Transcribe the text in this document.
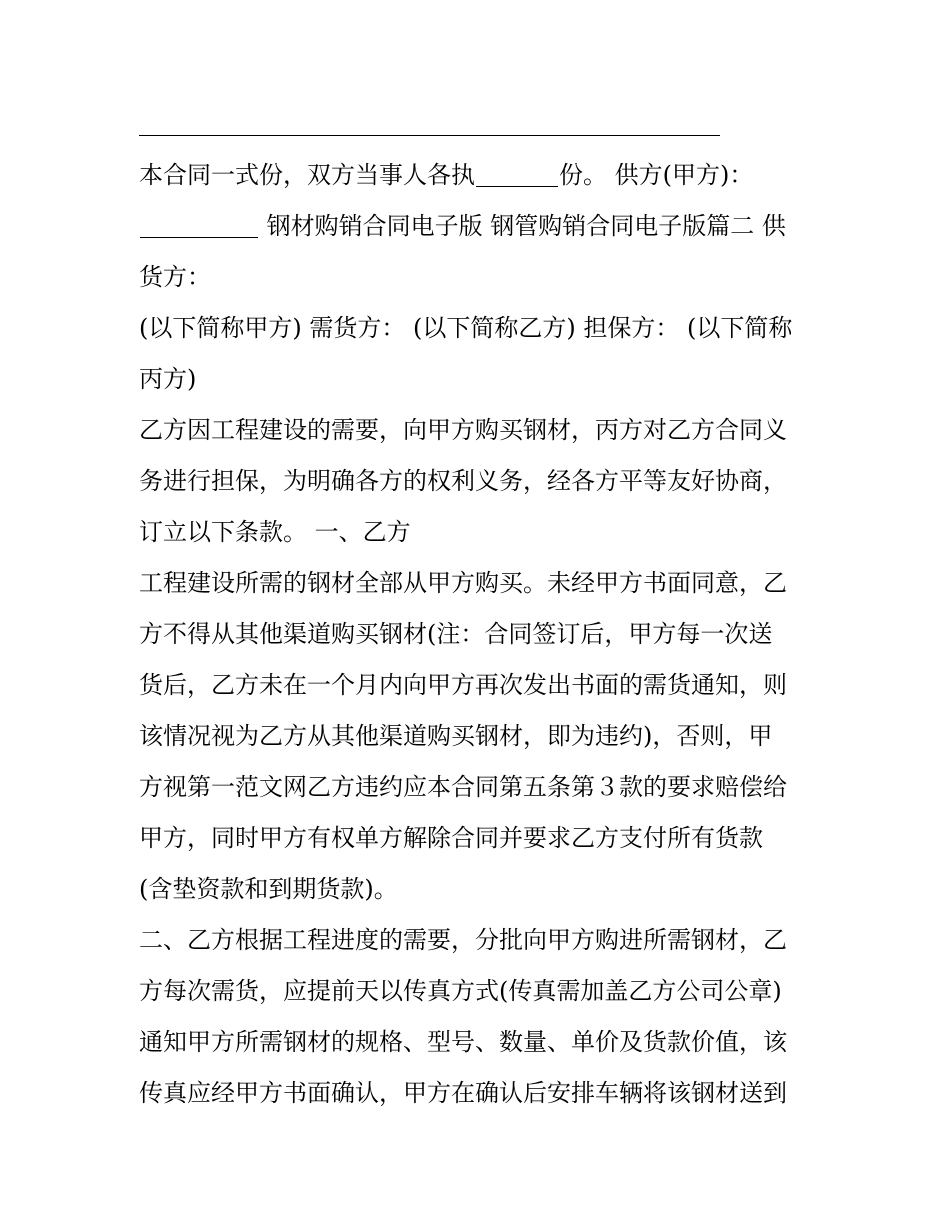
本合同一式份，双方当事人各执	份。 供方(甲方)：
钢材购销合同电子版 钢管购销合同电子版篇二 供
货方：
(以下简称甲方) 需货方： (以下简称乙方) 担保方： (以下简称
丙方)
乙方因工程建设的需要，向甲方购买钢材，丙方对乙方合同义
务进行担保，为明确各方的权利义务，经各方平等友好协商，
订立以下条款。 一、乙方
工程建设所需的钢材全部从甲方购买。未经甲方书面同意，乙
方不得从其他渠道购买钢材(注：合同签订后，甲方每一次送
货后，乙方未在一个月内向甲方再次发出书面的需货通知，则
该情况视为乙方从其他渠道购买钢材，即为违约)，否则，甲
方视第一范文网乙方违约应本合同第五条第３款的要求赔偿给
甲方，同时甲方有权单方解除合同并要求乙方支付所有货款
(含垫资款和到期货款)。
二、乙方根据工程进度的需要，分批向甲方购进所需钢材，乙
方每次需货，应提前天以传真方式(传真需加盖乙方公司公章)
通知甲方所需钢材的规格、型号、数量、单价及货款价值，该
传真应经甲方书面确认，甲方在确认后安排车辆将该钢材送到
